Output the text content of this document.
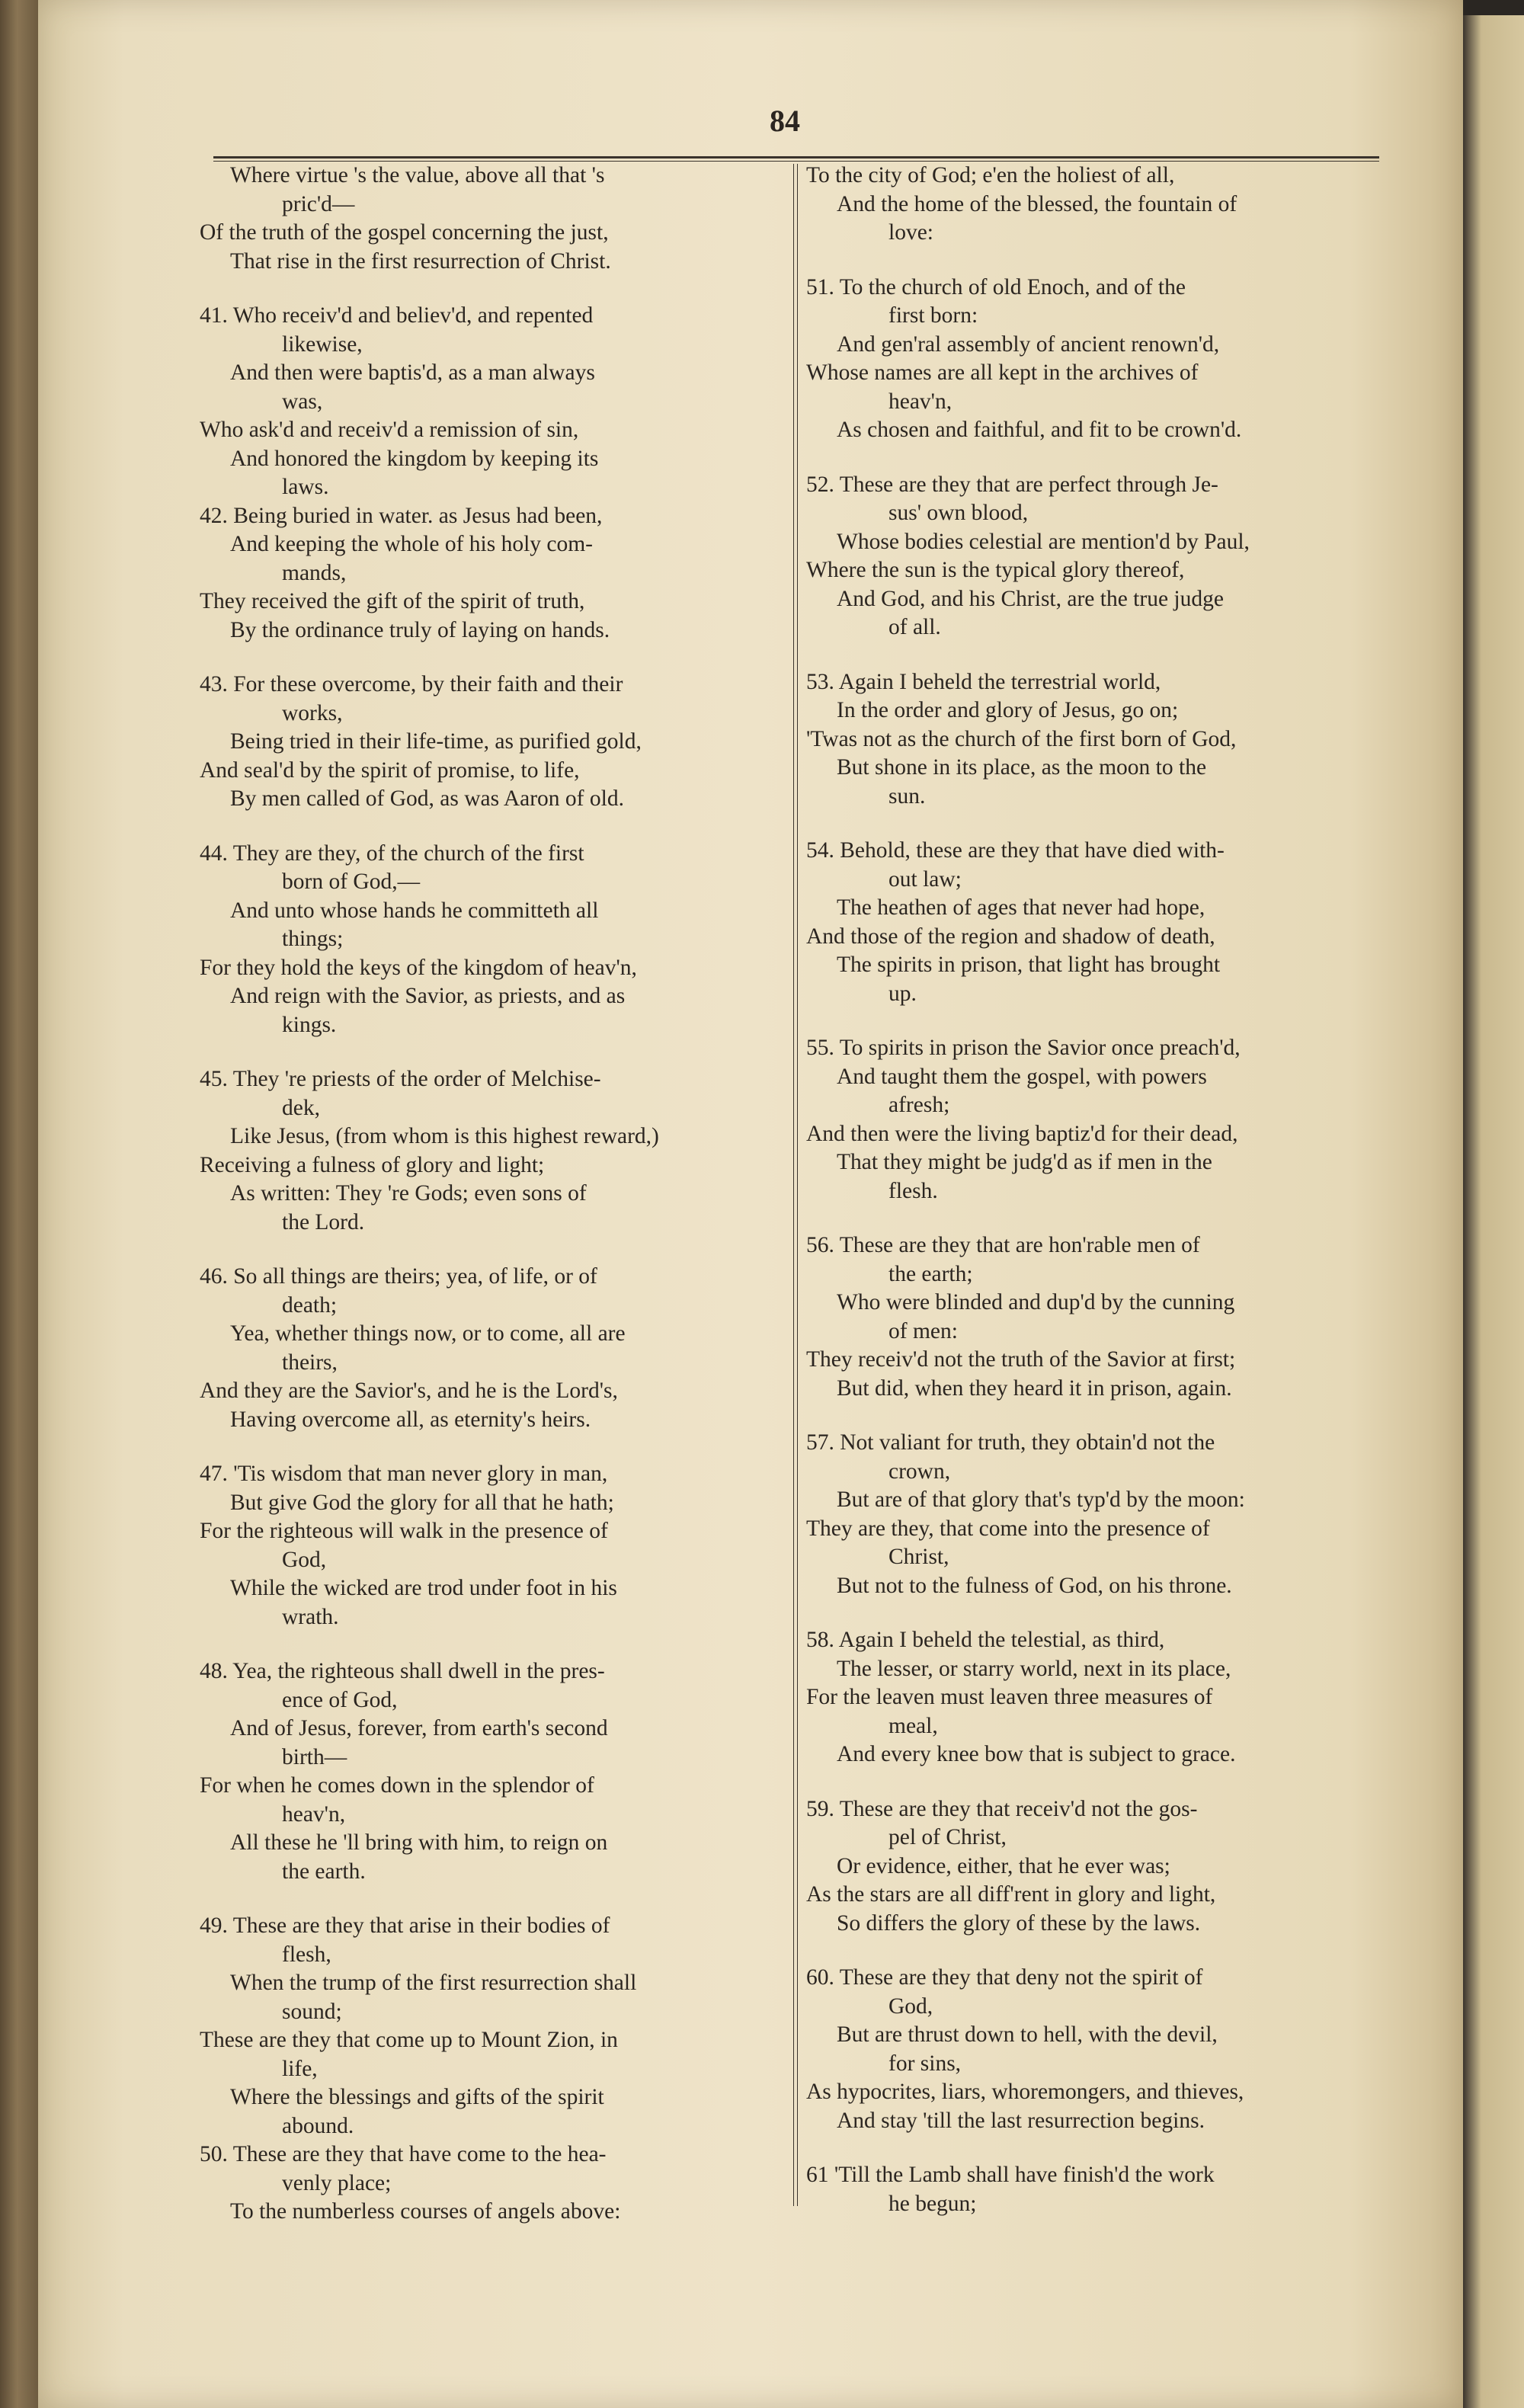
84
Where virtue 's the value, above all that 's
pric'd—
Of the truth of the gospel concerning the just,
That rise in the first resurrection of Christ.
41. Who receiv'd and believ'd, and repented
likewise,
And then were baptis'd, as a man always
was,
Who ask'd and receiv'd a remission of sin,
And honored the kingdom by keeping its
laws.
42. Being buried in water. as Jesus had been,
And keeping the whole of his holy com-
mands,
They received the gift of the spirit of truth,
By the ordinance truly of laying on hands.
43. For these overcome, by their faith and their
works,
Being tried in their life-time, as purified gold,
And seal'd by the spirit of promise, to life,
By men called of God, as was Aaron of old.
44. They are they, of the church of the first
born of God,—
And unto whose hands he committeth all
things;
For they hold the keys of the kingdom of heav'n,
And reign with the Savior, as priests, and as
kings.
45. They 're priests of the order of Melchise-
dek,
Like Jesus, (from whom is this highest reward,)
Receiving a fulness of glory and light;
As written: They 're Gods; even sons of
the Lord.
46. So all things are theirs; yea, of life, or of
death;
Yea, whether things now, or to come, all are
theirs,
And they are the Savior's, and he is the Lord's,
Having overcome all, as eternity's heirs.
47. 'Tis wisdom that man never glory in man,
But give God the glory for all that he hath;
For the righteous will walk in the presence of
God,
While the wicked are trod under foot in his
wrath.
48. Yea, the righteous shall dwell in the pres-
ence of God,
And of Jesus, forever, from earth's second
birth—
For when he comes down in the splendor of
heav'n,
All these he 'll bring with him, to reign on
the earth.
49. These are they that arise in their bodies of
flesh,
When the trump of the first resurrection shall
sound;
These are they that come up to Mount Zion, in
life,
Where the blessings and gifts of the spirit
abound.
50. These are they that have come to the hea-
venly place;
To the numberless courses of angels above:
To the city of God; e'en the holiest of all,
And the home of the blessed, the fountain of
love:
51. To the church of old Enoch, and of the
first born:
And gen'ral assembly of ancient renown'd,
Whose names are all kept in the archives of
heav'n,
As chosen and faithful, and fit to be crown'd.
52. These are they that are perfect through Je-
sus' own blood,
Whose bodies celestial are mention'd by Paul,
Where the sun is the typical glory thereof,
And God, and his Christ, are the true judge
of all.
53. Again I beheld the terrestrial world,
In the order and glory of Jesus, go on;
'Twas not as the church of the first born of God,
But shone in its place, as the moon to the
sun.
54. Behold, these are they that have died with-
out law;
The heathen of ages that never had hope,
And those of the region and shadow of death,
The spirits in prison, that light has brought
up.
55. To spirits in prison the Savior once preach'd,
And taught them the gospel, with powers
afresh;
And then were the living baptiz'd for their dead,
That they might be judg'd as if men in the
flesh.
56. These are they that are hon'rable men of
the earth;
Who were blinded and dup'd by the cunning
of men:
They receiv'd not the truth of the Savior at first;
But did, when they heard it in prison, again.
57. Not valiant for truth, they obtain'd not the
crown,
But are of that glory that's typ'd by the moon:
They are they, that come into the presence of
Christ,
But not to the fulness of God, on his throne.
58. Again I beheld the telestial, as third,
The lesser, or starry world, next in its place,
For the leaven must leaven three measures of
meal,
And every knee bow that is subject to grace.
59. These are they that receiv'd not the gos-
pel of Christ,
Or evidence, either, that he ever was;
As the stars are all diff'rent in glory and light,
So differs the glory of these by the laws.
60. These are they that deny not the spirit of
God,
But are thrust down to hell, with the devil,
for sins,
As hypocrites, liars, whoremongers, and thieves,
And stay 'till the last resurrection begins.
61 'Till the Lamb shall have finish'd the work
he begun;
